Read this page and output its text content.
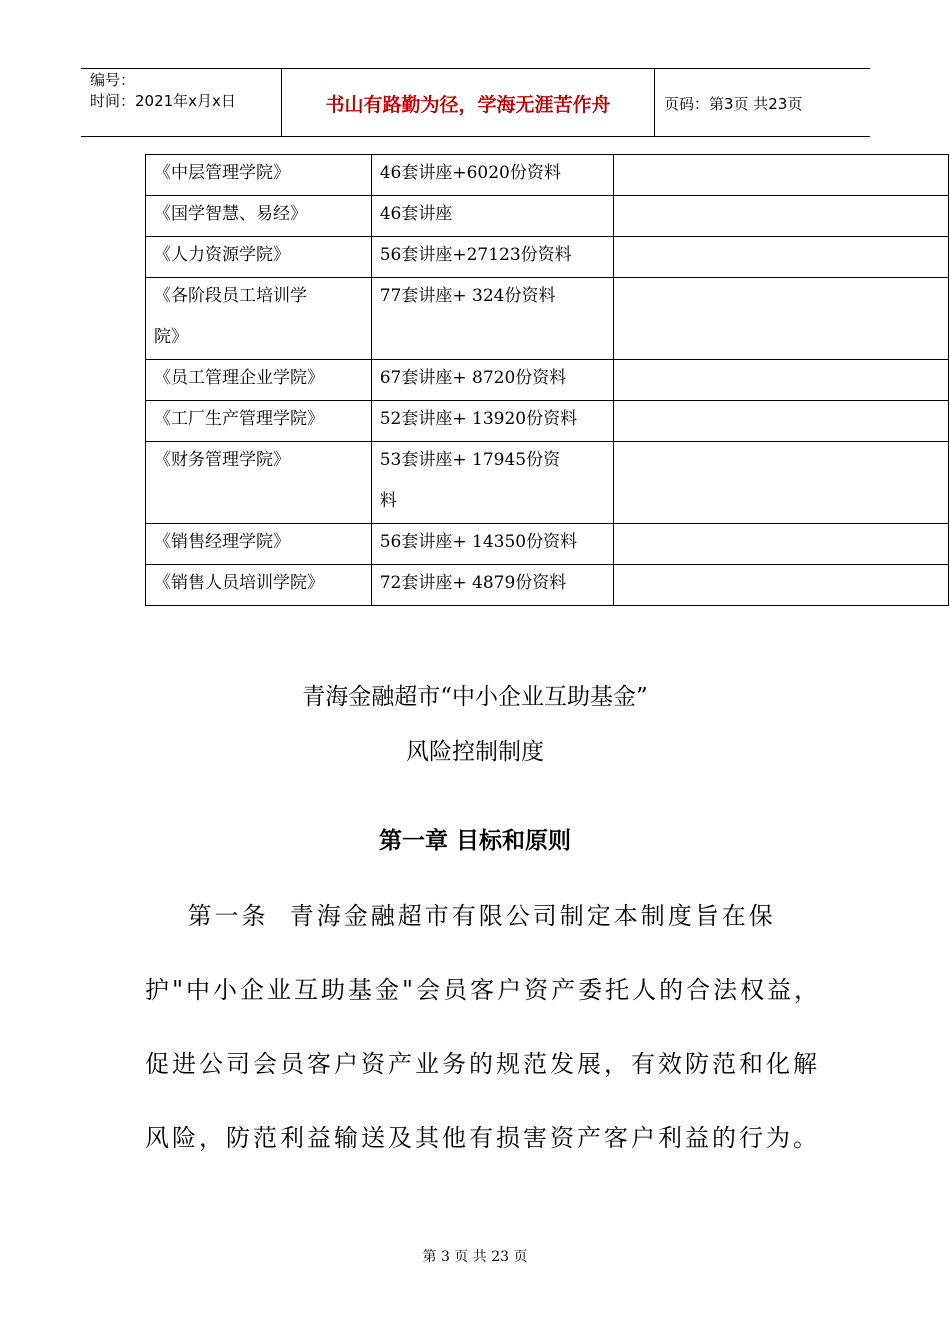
编号：
时间：2021年x月x日	书山有路勤为径，学海无涯苦作舟	页码：第3页 共23页
《中层管理学院》	46套讲座+6020份资料	
《国学智慧、易经》	46套讲座	
《人力资源学院》	56套讲座+27123份资料	

《各阶段员工培训学
院》	77套讲座+ 324份资料	
《员工管理企业学院》	67套讲座+ 8720份资料	
《工厂生产管理学院》	52套讲座+ 13920份资料	
《财务管理学院》	53套讲座+ 17945份资
料	

《销售经理学院》	56套讲座+ 14350份资料	
《销售人员培训学院》	72套讲座+ 4879份资料	
青海金融超市“中小企业互助基金”
风险控制制度
第一章 目标和原则
第一条  青海金融超市有限公司制定本制度旨在保
护"中小企业互助基金"会员客户资产委托人的合法权益，
促进公司会员客户资产业务的规范发展，有效防范和化解
风险，防范利益输送及其他有损害资产客户利益的行为。
第 3 页 共 23 页
